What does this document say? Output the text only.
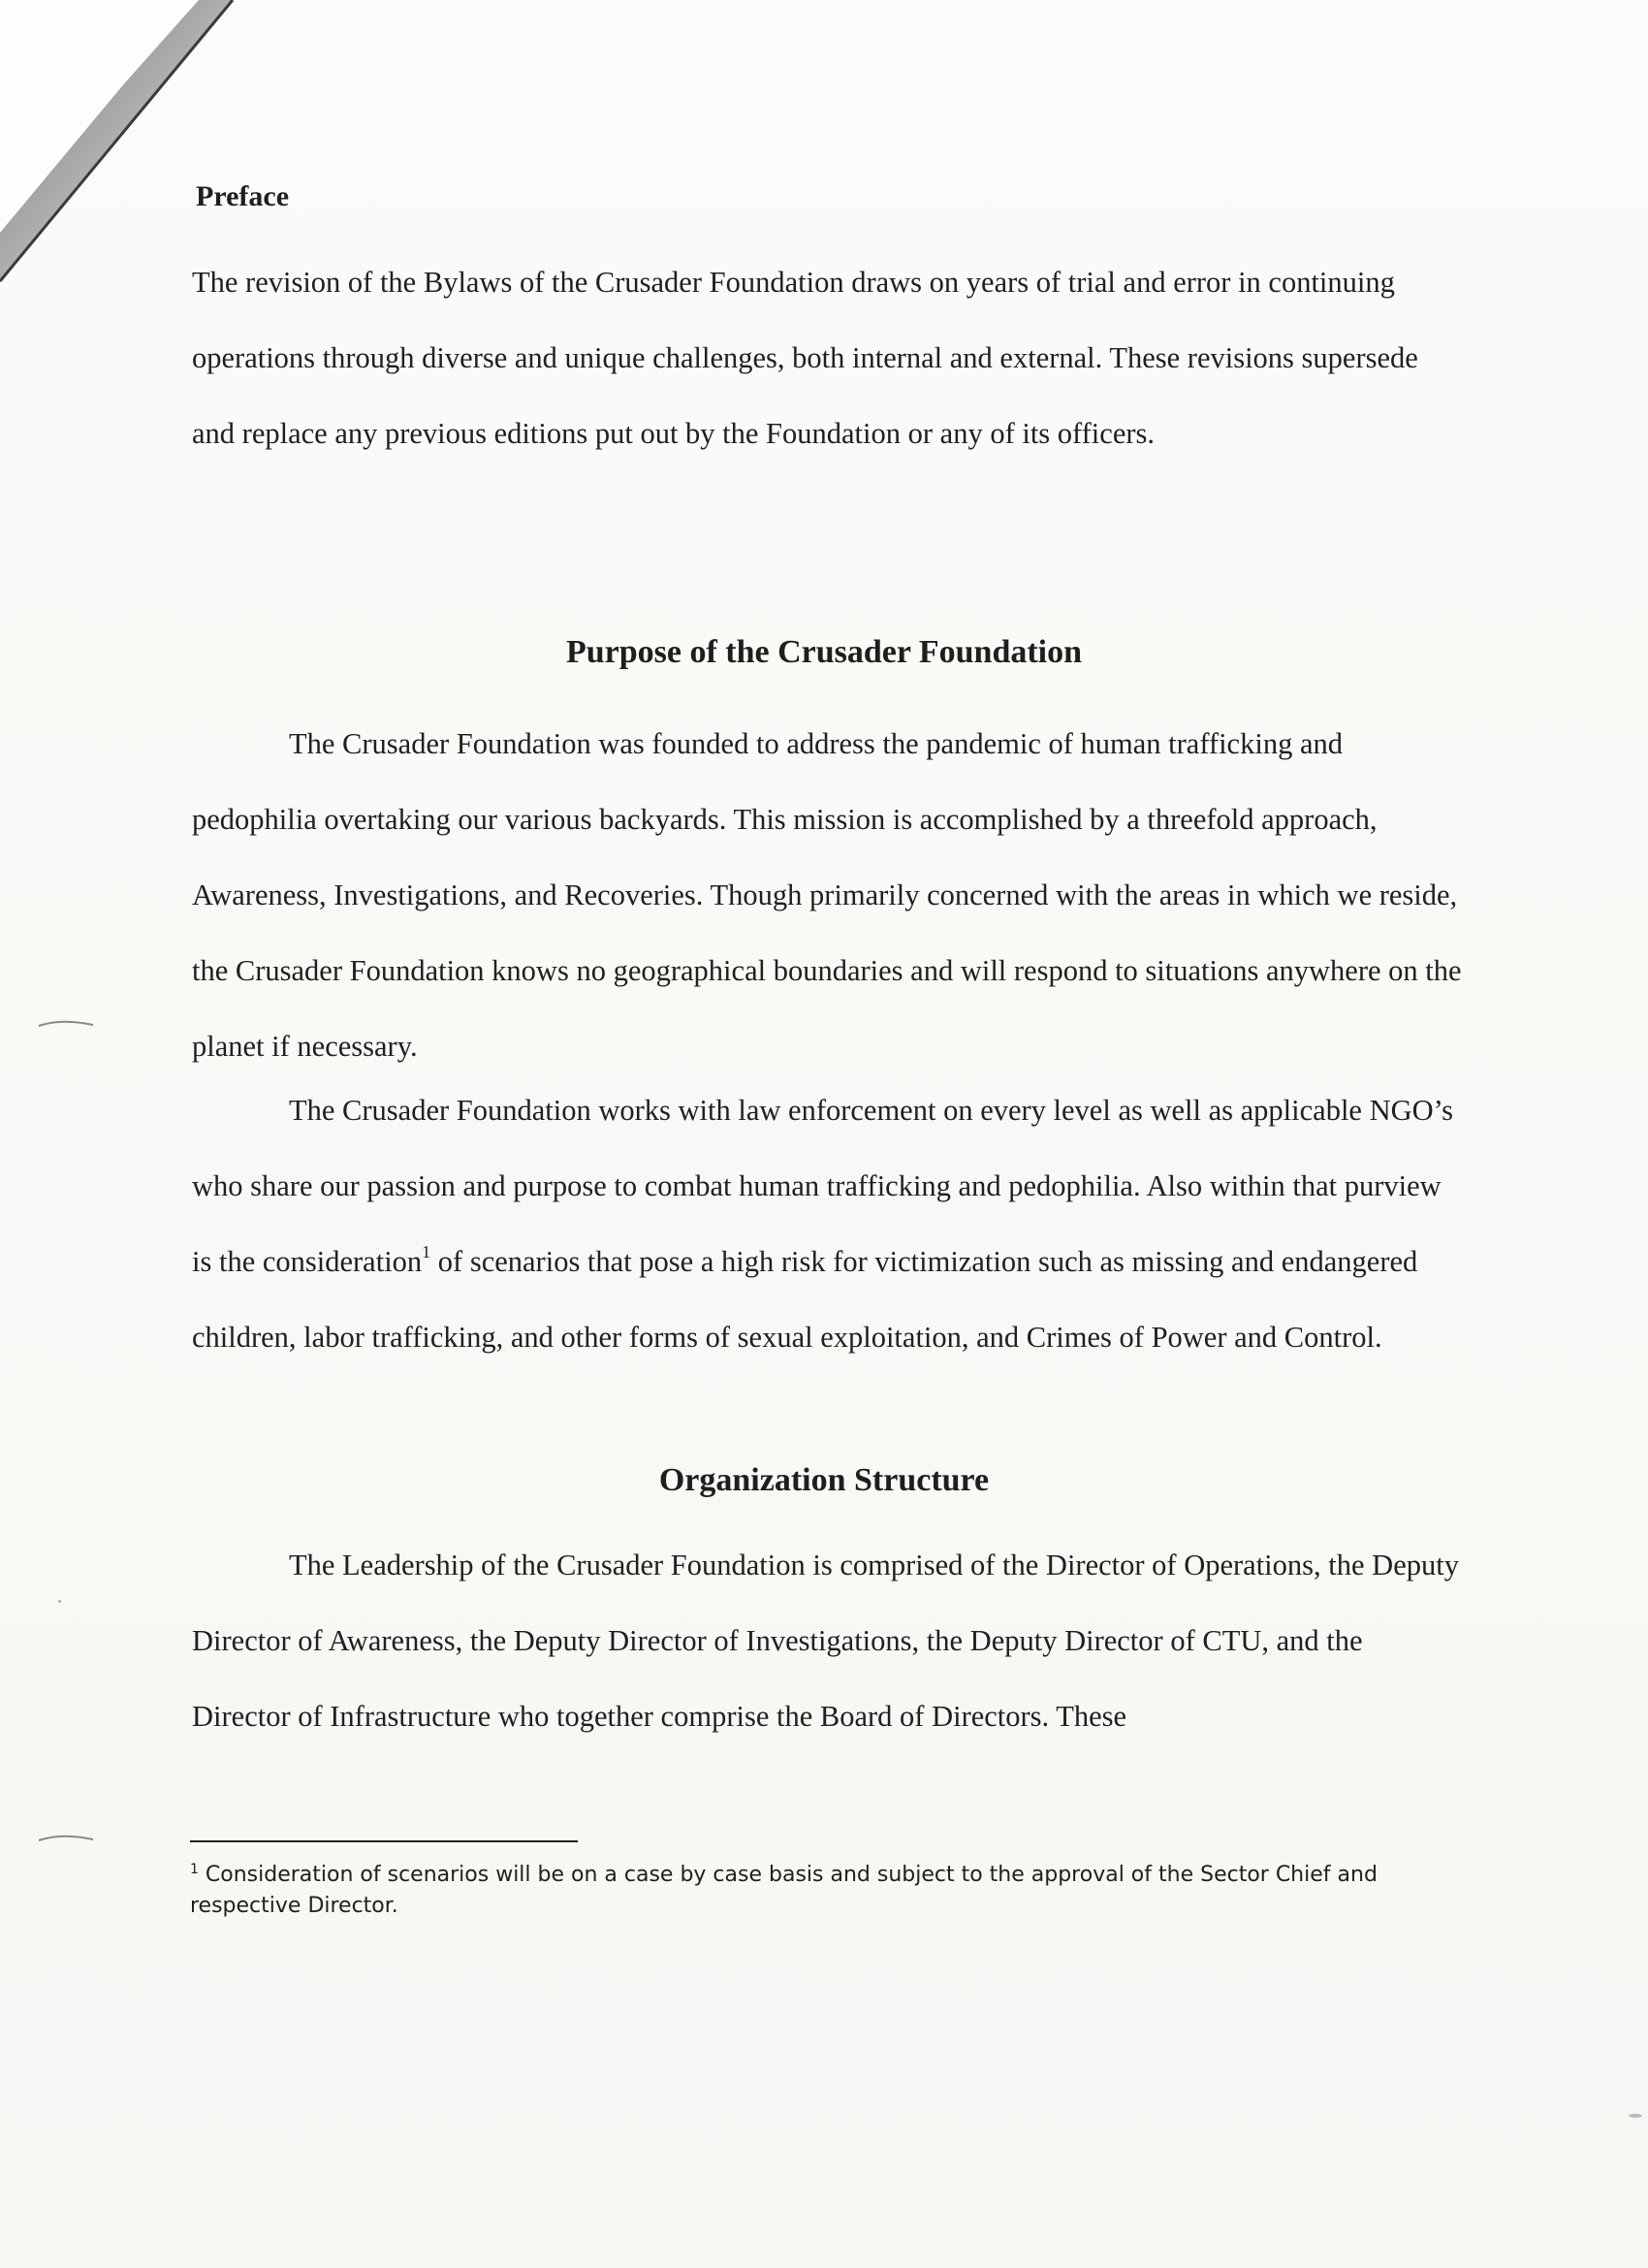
Preface

The revision of the Bylaws of the Crusader Foundation draws on years of trial and error in continuing operations through diverse and unique challenges, both internal and external. These revisions supersede and replace any previous editions put out by the Foundation or any of its officers.

Purpose of the Crusader Foundation

The Crusader Foundation was founded to address the pandemic of human trafficking and pedophilia overtaking our various backyards. This mission is accomplished by a threefold approach, Awareness, Investigations, and Recoveries. Though primarily concerned with the areas in which we reside, the Crusader Foundation knows no geographical boundaries and will respond to situations anywhere on the planet if necessary.

The Crusader Foundation works with law enforcement on every level as well as applicable NGO’s who share our passion and purpose to combat human trafficking and pedophilia. Also within that purview is the consideration$^1$ of scenarios that pose a high risk for victimization such as missing and endangered children, labor trafficking, and other forms of sexual exploitation, and Crimes of Power and Control.

Organization Structure

The Leadership of the Crusader Foundation is comprised of the Director of Operations, the Deputy Director of Awareness, the Deputy Director of Investigations, the Deputy Director of CTU, and the Director of Infrastructure who together comprise the Board of Directors. These

$^1$ Consideration of scenarios will be on a case by case basis and subject to the approval of the Sector Chief and respective Director.
